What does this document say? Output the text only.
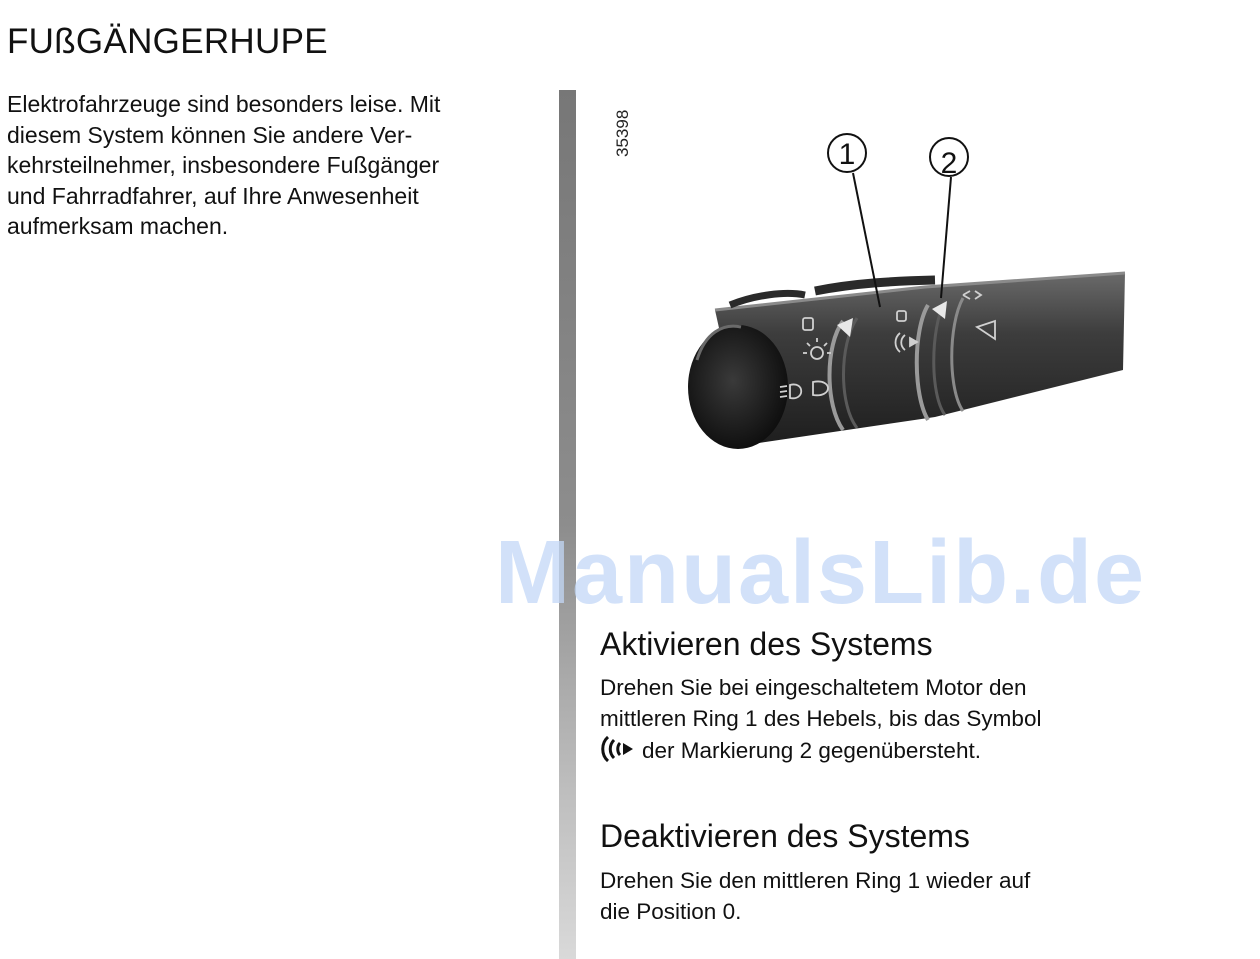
FUßGÄNGERHUPE
Elektrofahrzeuge sind besonders leise. Mit
diesem System können Sie andere Ver-
kehrsteilnehmer, insbesondere Fußgänger
und Fahrradfahrer, auf Ihre Anwesenheit
aufmerksam machen.
35398	1	2
ManualsLib.de
Aktivieren des Systems
Drehen Sie bei eingeschaltetem Motor den
mittleren Ring 1 des Hebels, bis das Symbol
der Markierung 2 gegenübersteht.
Deaktivieren des Systems
Drehen Sie den mittleren Ring 1 wieder auf
die Position 0.
